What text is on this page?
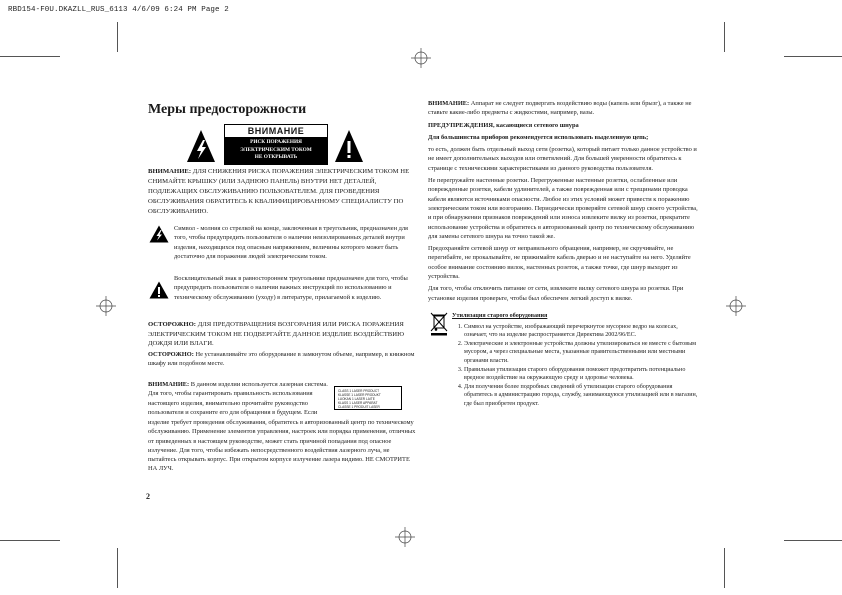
RBD154-F0U.DKAZLL_RUS_6113 4/6/09 6:24 PM Page 2
Меры предосторожности
ВНИМАНИЕ
РИСК ПОРАЖЕНИЯ
ЭЛЕКТРИЧЕСКИМ ТОКОМ
НЕ ОТКРЫВАТЬ

ВНИМАНИЕ: ДЛЯ СНИЖЕНИЯ РИСКА ПОРАЖЕНИЯ ЭЛЕКТРИЧЕСКИМ ТОКОМ НЕ СНИМАЙТЕ КРЫШКУ (ИЛИ ЗАДНЮЮ ПАНЕЛЬ) ВНУТРИ НЕТ ДЕТАЛЕЙ, ПОДЛЕЖАЩИХ ОБСЛУЖИВАНИЮ ПОЛЬЗОВАТЕЛЕМ. ДЛЯ ПРОВЕДЕНИЯ ОБСЛУЖИВАНИЯ ОБРАТИТЕСЬ К КВАЛИФИЦИРОВАННОМУ СПЕЦИАЛИСТУ ПО ОБСЛУЖИВАНИЮ.

Символ - молния со стрелкой на конце, заключенная в треугольник, предназначен для того, чтобы предупредить пользователя о наличии неизолированных деталей внутри изделия, находящихся под опасным напряжением, величины которого может быть достаточно для поражения людей электрическим током.

Восклицательный знак в равностороннем треугольнике предназначен для того, чтобы предупредить пользователя о наличии важных инструкций по использованию и техническому обслуживанию (уходу) в литературе, прилагаемой к изделию.

ОСТОРОЖНО: ДЛЯ ПРЕДОТВРАЩЕНИЯ ВОЗГОРАНИЯ ИЛИ РИСКА ПОРАЖЕНИЯ ЭЛЕКТРИЧЕСКИМ ТОКОМ НЕ ПОДВЕРГАЙТЕ ДАННОЕ ИЗДЕЛИЕ ВОЗДЕЙСТВИЮ ДОЖДЯ ИЛИ ВЛАГИ.

ОСТОРОЖНО: Не устанавливайте это оборудование в замкнутом объеме, например, в книжном шкафу или подобном месте.

ВНИМАНИЕ: В данном изделии используется лазерная система. Для того, чтобы гарантировать правильность использования настоящего изделия, внимательно прочитайте руководство пользователя и сохраните его для обращения в будущем. Если

CLASS 1 LASER PRODUCT
KLASSE 1 LASER PRODUKT
LUOKAN 1 LASER LAITE
KLASS 1 LASER APPARAT
CLASSE 1 PRODUIT LASER

изделие требует проведения обслуживания, обратитесь в авторизованный центр по техническому обслуживанию. Применение элементов управления, настроек или порядка применения, отличных от приведенных в настоящем руководстве, может стать причиной попадания под опасное излучение. Для того, чтобы избежать непосредственного воздействия лазерного луча, не пытайтесь открывать корпус. При открытом корпусе излучение лазера видимо. НЕ СМОТРИТЕ НА ЛУЧ.

2

ВНИМАНИЕ: Аппарат не следует подвергать воздействию воды (капель или брызг), а также не ставьте какие-либо предметы с жидкостями, например, вазы.

ПРЕДУПРЕЖДЕНИЯ, касающиеся сетевого шнура

Для большинства приборов рекомендуется использовать выделенную цепь;

то есть, должен быть отдельный выход сети (розетка), который питает только данное устройство и не имеет дополнительных выходов или ответвлений. Для большей уверенности обратитесь к странице с техническими характеристиками из данного руководства пользователя.

Не перегружайте настенные розетки. Перегруженные настенные розетки, ослабленные или поврежденные розетки, кабели удлинителей, а также поврежденная или с трещинами проводка кабеля являются источниками опасности. Любое из этих условий может привести к поражению электрическим током или возгоранию. Периодически проверяйте сетевой шнур своего устройства, и при обнаружении признаков повреждений или износа извлеките вилку из розетки, прекратите использование устройства и обратитесь в авторизованный центр по техническому обслуживанию для замены сетевого шнура на точно такой же.

Предохраняйте сетевой шнур от неправильного обращения, например, не скручивайте, не перегибайте, не прокалывайте, не прижимайте кабель дверью и не наступайте на него. Уделяйте особое внимание состоянию вилок, настенных розеток, а также точке, где шнур выходит из устройства.

Для того, чтобы отключить питание от сети, извлеките вилку сетевого шнура из розетки. При установке изделия проверьте, чтобы был обеспечен легкий доступ к вилке.

Утилизация старого оборудования

1. Символ на устройстве, изображающий перечеркнутое мусорное ведро на колесах, означает, что на изделие распространяется Директива 2002/96/EC.
2. Электрические и электронные устройства должны утилизироваться не вместе с бытовым мусором, а через специальные места, указанные правительственными или местными органами власти.
3. Правильная утилизация старого оборудования поможет предотвратить потенциально вредное воздействие на окружающую среду и здоровье человека.
4. Для получения более подробных сведений об утилизации старого оборудования обратитесь в администрацию города, службу, занимающуюся утилизацией или в магазин, где был приобретен продукт.
